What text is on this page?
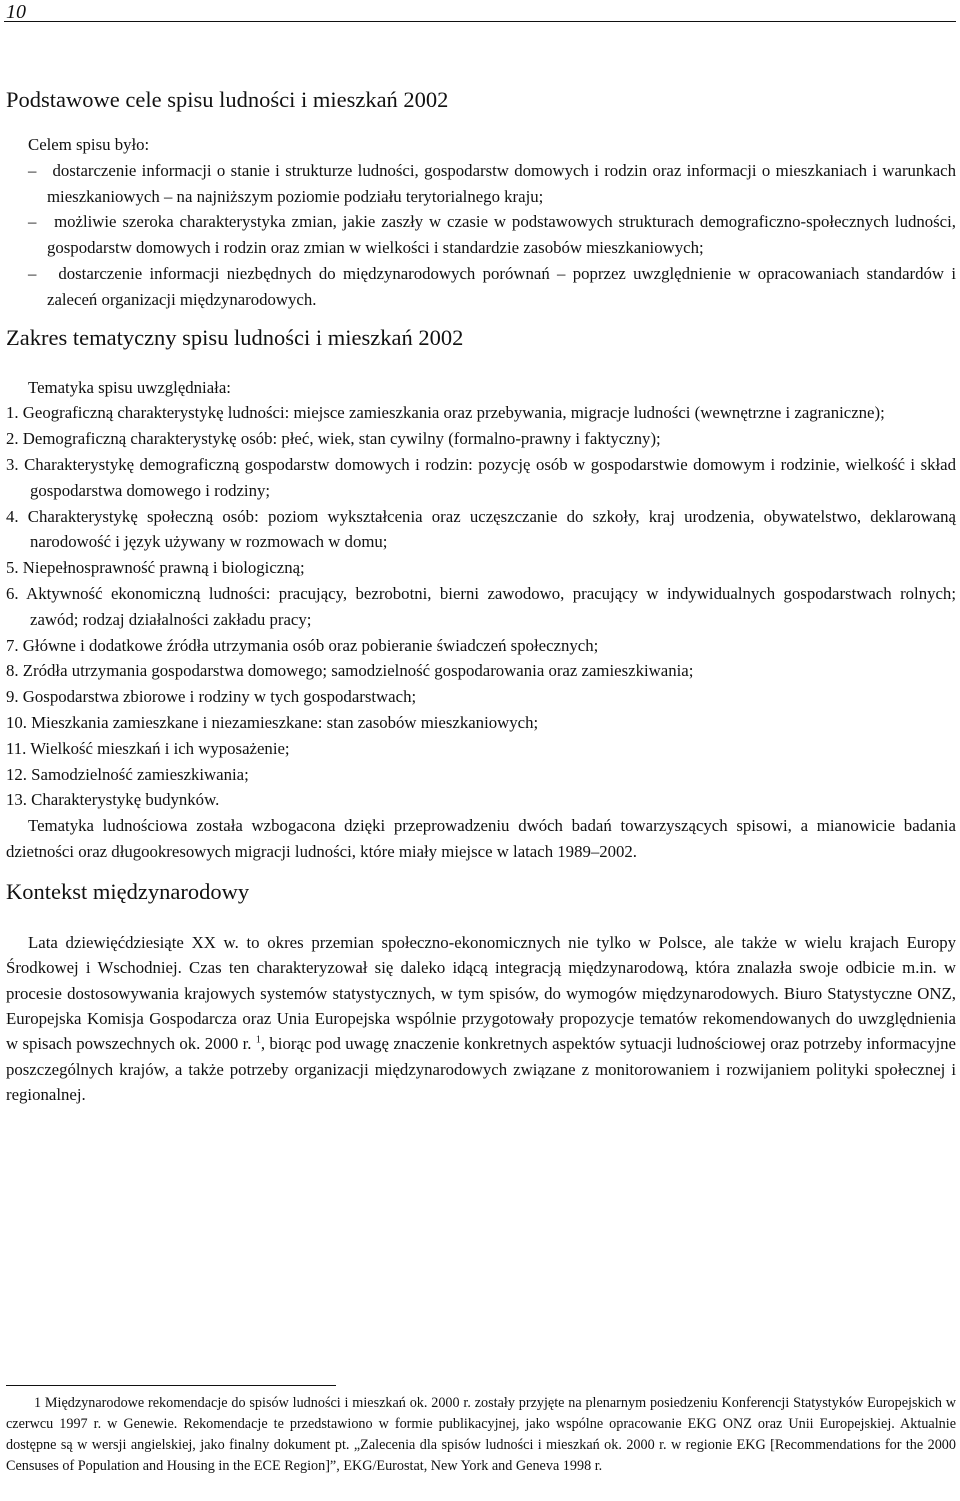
10
Podstawowe cele spisu ludności i mieszkań 2002
Celem spisu było:
–   dostarczenie informacji o stanie i strukturze ludności, gospodarstw domowych i rodzin oraz informacji o mieszkaniach i warunkach mieszkaniowych – na najniższym poziomie podziału terytorialnego kraju;
–   możliwie szeroka charakterystyka zmian, jakie zaszły w czasie w podstawowych strukturach demograficzno-społecznych ludności, gospodarstw domowych i rodzin oraz zmian w wielkości i standardzie zasobów mieszkaniowych;
–   dostarczenie informacji niezbędnych do międzynarodowych porównań – poprzez uwzględnienie w opracowaniach standardów i zaleceń organizacji międzynarodowych.
Zakres tematyczny spisu ludności i mieszkań 2002
Tematyka spisu uwzględniała:
1. Geograficzną charakterystykę ludności: miejsce zamieszkania oraz przebywania, migracje ludności (wewnętrzne i zagraniczne);
2. Demograficzną charakterystykę osób: płeć, wiek, stan cywilny (formalno-prawny i faktyczny);
3. Charakterystykę demograficzną gospodarstw domowych i rodzin: pozycję osób w gospodarstwie domowym i rodzinie, wielkość i skład gospodarstwa domowego i rodziny;
4. Charakterystykę społeczną osób: poziom wykształcenia oraz uczęszczanie do szkoły, kraj urodzenia, obywatelstwo, deklarowaną narodowość i język używany w rozmowach w domu;
5. Niepełnosprawność prawną i biologiczną;
6. Aktywność ekonomiczną ludności: pracujący, bezrobotni, bierni zawodowo, pracujący w indywidualnych gospodarstwach rolnych; zawód; rodzaj działalności zakładu pracy;
7. Główne i dodatkowe źródła utrzymania osób oraz pobieranie świadczeń społecznych;
8. Zródła utrzymania gospodarstwa domowego; samodzielność gospodarowania oraz zamieszkiwania;
9. Gospodarstwa zbiorowe i rodziny w tych gospodarstwach;
10. Mieszkania zamieszkane i niezamieszkane: stan zasobów mieszkaniowych;
11. Wielkość mieszkań i ich wyposażenie;
12. Samodzielność zamieszkiwania;
13. Charakterystykę budynków.
Tematyka ludnościowa została wzbogacona dzięki przeprowadzeniu dwóch badań towarzyszących spisowi, a mianowicie badania dzietności oraz długookresowych migracji ludności, które miały miejsce w latach 1989–2002.
Kontekst międzynarodowy
Lata dziewięćdziesiąte XX w. to okres przemian społeczno-ekonomicznych nie tylko w Polsce, ale także w wielu krajach Europy Środkowej i Wschodniej. Czas ten charakteryzował się daleko idącą integracją międzynarodową, która znalazła swoje odbicie m.in. w procesie dostosowywania krajowych systemów statystycznych, w tym spisów, do wymogów międzynarodowych. Biuro Statystyczne ONZ, Europejska Komisja Gospodarcza oraz Unia Europejska wspólnie przygotowały propozycje tematów rekomendowanych do uwzględnienia w spisach powszechnych ok. 2000 r. $^1$, biorąc pod uwagę znaczenie konkretnych aspektów sytuacji ludnościowej oraz potrzeby informacyjne poszczególnych krajów, a także potrzeby organizacji międzynarodowych związane z monitorowaniem i rozwijaniem polityki społecznej i regionalnej.
1 Międzynarodowe rekomendacje do spisów ludności i mieszkań ok. 2000 r. zostały przyjęte na plenarnym posiedzeniu Konferencji Statystyków Europejskich w czerwcu 1997 r. w Genewie. Rekomendacje te przedstawiono w formie publikacyjnej, jako wspólne opracowanie EKG ONZ oraz Unii Europejskiej. Aktualnie dostępne są w wersji angielskiej, jako finalny dokument pt. „Zalecenia dla spisów ludności i mieszkań ok. 2000 r. w regionie EKG [Recommendations for the 2000 Censuses of Population and Housing in the ECE Region]”, EKG/Eurostat, New York and Geneva 1998 r.
